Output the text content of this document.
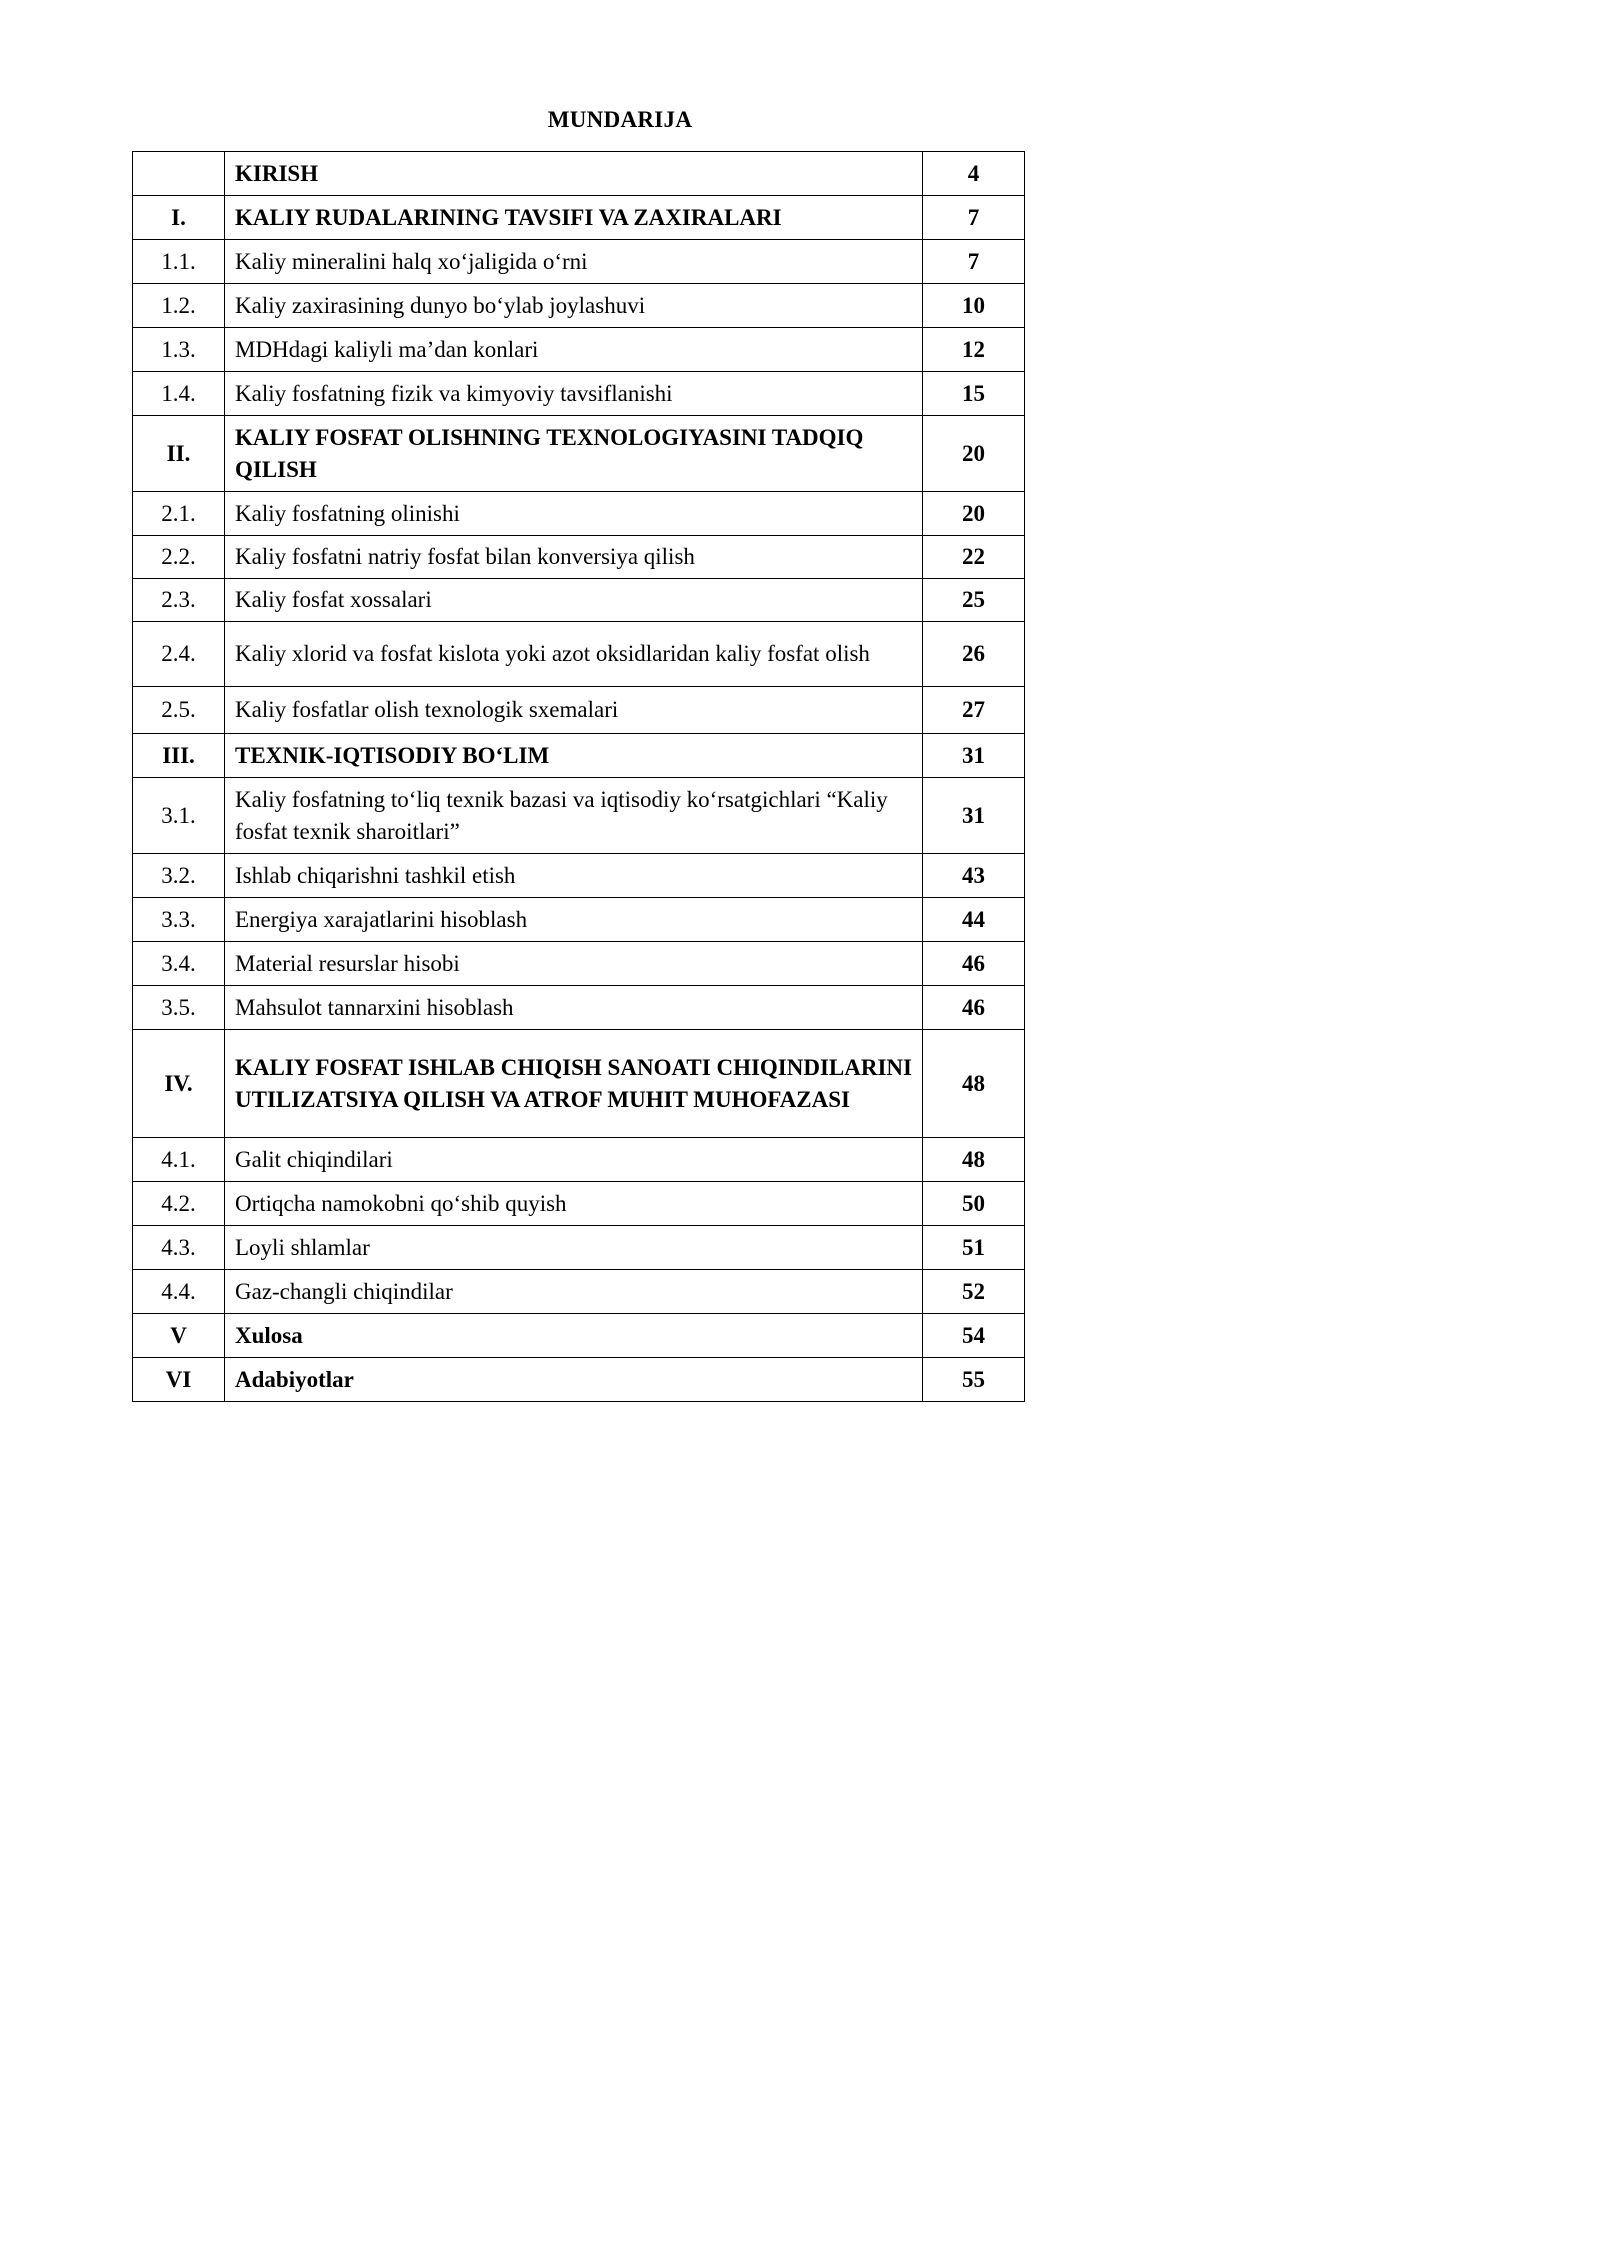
MUNDARIJA
	KIRISH	4
I.	KALIY RUDALARINING TAVSIFI VA ZAXIRALARI	7
1.1.	Kaliy mineralini halq xo‘jaligida o‘rni	7
1.2.	Kaliy zaxirasining dunyo bo‘ylab joylashuvi	10
1.3.	MDHdagi kaliyli ma’dan konlari	12
1.4.	Kaliy fosfatning fizik va kimyoviy tavsiflanishi	15
II.	KALIY FOSFAT OLISHNING TEXNOLOGIYASINI TADQIQ QILISH	20
2.1.	Kaliy fosfatning olinishi	20
2.2.	Kaliy fosfatni natriy fosfat bilan konversiya qilish	22
2.3.	Kaliy fosfat xossalari	25
2.4.	Kaliy xlorid va fosfat kislota yoki azot oksidlaridan kaliy fosfat olish	26
2.5.	Kaliy fosfatlar olish texnologik sxemalari	27
III.	TEXNIK-IQTISODIY BO‘LIM	31
3.1.	Kaliy fosfatning to‘liq texnik bazasi va iqtisodiy ko‘rsatgichlari “Kaliy fosfat texnik sharoitlari”	31
3.2.	Ishlab chiqarishni tashkil etish	43
3.3.	Energiya xarajatlarini hisoblash	44
3.4.	Material resurslar hisobi	46
3.5.	Mahsulot tannarxini hisoblash	46
IV.	KALIY FOSFAT ISHLAB CHIQISH SANOATI CHIQINDILARINI UTILIZATSIYA QILISH VA ATROF MUHIT MUHOFAZASI	48
4.1.	Galit chiqindilari	48
4.2.	Ortiqcha namokobni qo‘shib quyish	50
4.3.	Loyli shlamlar	51
4.4.	Gaz-changli chiqindilar	52
V	Xulosa	54
VI	Adabiyotlar	55
